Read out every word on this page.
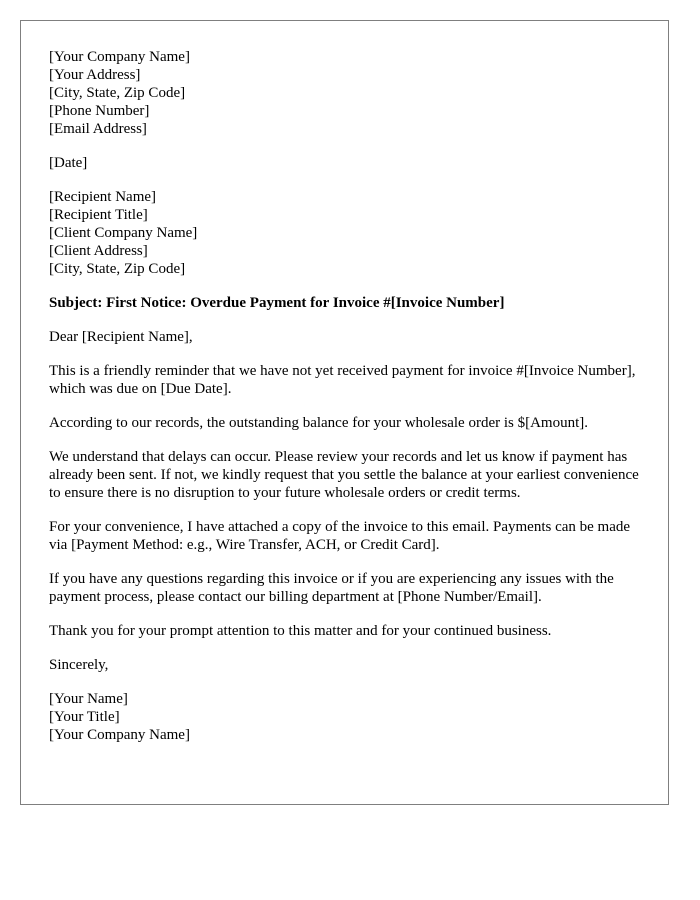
[Your Company Name]
[Your Address]
[City, State, Zip Code]
[Phone Number]
[Email Address]

[Date]

[Recipient Name]
[Recipient Title]
[Client Company Name]
[Client Address]
[City, State, Zip Code]

Subject: First Notice: Overdue Payment for Invoice #[Invoice Number]

Dear [Recipient Name],

This is a friendly reminder that we have not yet received payment for invoice #[Invoice Number], which was due on [Due Date].

According to our records, the outstanding balance for your wholesale order is $[Amount].

We understand that delays can occur. Please review your records and let us know if payment has already been sent. If not, we kindly request that you settle the balance at your earliest convenience to ensure there is no disruption to your future wholesale orders or credit terms.

For your convenience, I have attached a copy of the invoice to this email. Payments can be made via [Payment Method: e.g., Wire Transfer, ACH, or Credit Card].

If you have any questions regarding this invoice or if you are experiencing any issues with the payment process, please contact our billing department at [Phone Number/Email].

Thank you for your prompt attention to this matter and for your continued business.

Sincerely,

[Your Name]
[Your Title]
[Your Company Name]
